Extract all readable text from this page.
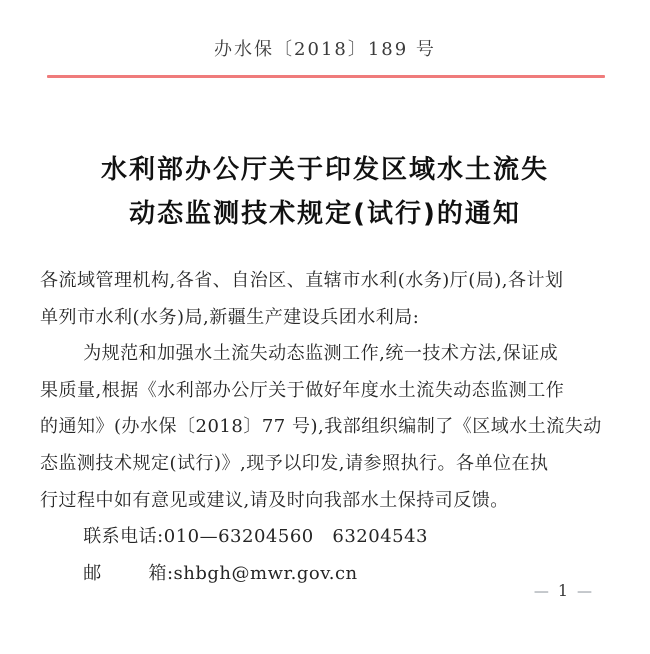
办水保〔2018〕189 号
水利部办公厅关于印发区域水土流失
动态监测技术规定(试行)的通知
各流域管理机构,各省、自治区、直辖市水利(水务)厅(局),各计划
单列市水利(水务)局,新疆生产建设兵团水利局:
为规范和加强水土流失动态监测工作,统一技术方法,保证成
果质量,根据《水利部办公厅关于做好年度水土流失动态监测工作
的通知》(办水保〔2018〕77 号),我部组织编制了《区域水土流失动
态监测技术规定(试行)》,现予以印发,请参照执行。各单位在执
行过程中如有意见或建议,请及时向我部水土保持司反馈。
联系电话:010—63204560   63204543
邮	箱:shbgh@mwr.gov.cn
— 1 —
